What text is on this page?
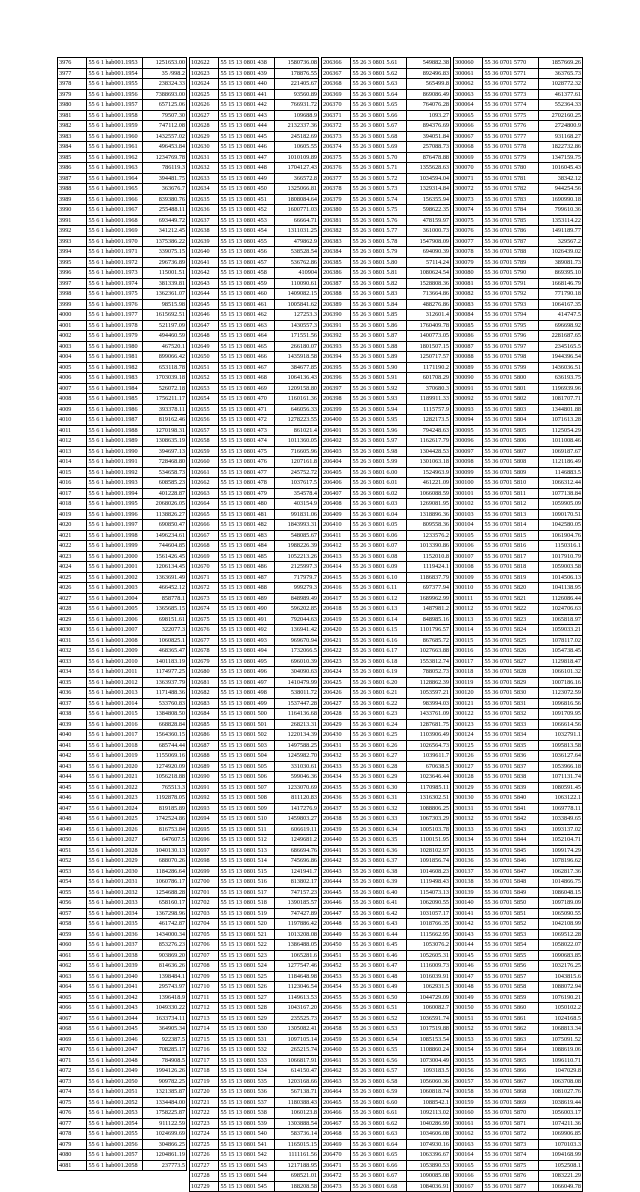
3976	55 6 1 hab001.1953	1251653.00
3977	55 6 1 hab001.1954	35 /998.2
3978	55 6 1 hab001.1955	238324.33
3979	55 6 1 hab001.1956	7388693.00
3980	55 6 1 hab001.1957	657125.06
3981	55 6 1 hab001.1958	79507.30
3982	55 6 1 hab001.1959	747112.08
3983	55 6 1 hab001.1960	1432557.02
3984	55 6 1 hab001.1961	496453.84
3985	55 6 1 hab001.1962	1234769.78
3986	55 6 1 hab001.1963	786119.3
3987	55 6 1 hab001.1964	394481.75
3988	55 6 1 hab001.1965	363676.7
3989	55 6 1 hab001.1966	839380.76
3990	55 6 1 hab001.1967	255488.11
3991	55 6 1 hab001.1968	693449.72
3992	55 6 1 hab001.1969	341212.45
3993	55 6 1 hab001.1970	1375386.22
3994	55 6 1 hab001.1971	339075.15
3995	55 6 1 hab001.1972	296736.89
3996	55 6 1 hab001.1973	115001.51
3997	55 6 1 hab001.1974	381339.81
3998	55 6 1 hab001.1975	1362361.07
3999	55 6 1 hab001.1976	98515.98
4000	55 6 1 hab001.1977	1615692.51
4001	55 6 1 hab001.1978	521197.09
4002	55 6 1 hab001.1979	494460.59
4003	55 6 1 hab001.1980	467520.1
4004	55 6 1 hab001.1981	899066.42
4005	55 6 1 hab001.1982	653118.78
4006	55 6 1 hab001.1983	1703039.18
4007	55 6 1 hab001.1984	526072.18
4008	55 6 1 hab001.1985	1756211.17
4009	55 6 1 hab001.1986	393378.11
4010	55 6 1 hab001.1987	819162.46
4011	55 6 1 hab001.1988	1270198.31
4012	55 6 1 hab001.1989	1308635.19
4013	55 6 1 hab001.1990	394697.13
4014	55 6 1 hab001.1991	728468.80
4015	55 6 1 hab001.1992	534658.73
4016	55 6 1 hab001.1993	608585.23
4017	55 6 1 hab001.1994	401228.87
4018	55 6 1 hab001.1995	2068026.05
4019	55 6 1 hab001.1996	1138826.27
4020	55 6 1 hab001.1997	690850.47
4021	55 6 1 hab001.1998	1496234.61
4022	55 6 1 hab001.1999	744604.85
4023	55 6 1 hab001.2000	1561426.45
4024	55 6 1 hab001.2001	1206134.45
4025	55 6 1 hab001.2002	1363691.49
4026	55 6 1 hab001.2003	466452.12
4027	55 6 1 hab001.2004	858778.1
4028	55 6 1 hab001.2005	1365685.15
4029	55 6 1 hab001.2006	698151.61
4030	55 6 1 hab001.2007	322077.3
4031	55 6 1 hab001.2008	1060825.1
4032	55 6 1 hab001.2009	468365.47
4033	55 6 1 hab001.2010	1401183.19
4034	55 6 1 hab001.2011	1174977.25
4035	55 6 1 hab001.2012	1363937.79
4036	55 6 1 hab001.2013	1171488.36
4037	55 6 1 hab001.2014	533760.83
4038	55 6 1 hab001.2015	1384808.50
4039	55 6 1 hab001.2016	668828.84
4040	55 6 1 hab001.2017	1564360.15
4041	55 6 1 hab001.2018	685744.44
4042	55 6 1 hab001.2019	1155069.16
4043	55 6 1 hab001.2020	1274920.09
4044	55 6 1 hab001.2021	1056218.88
4045	55 6 1 hab001.2022	765513.3
4046	55 6 1 hab001.2023	1192878.05
4047	55 6 1 hab001.2024	819185.89
4048	55 6 1 hab001.2025	1742524.86
4049	55 6 1 hab001.2026	816753.84
4050	55 6 1 hab001.2027	647607.5
4051	55 6 1 hab001.2028	1040130.13
4052	55 6 1 hab001.2029	688070.26
4053	55 6 1 hab001.2030	1184286.64
4054	55 6 1 hab001.2031	1060786.17
4055	55 6 1 hab001.2032	1254688.28
4056	55 6 1 hab001.2033	658160.17
4057	55 6 1 hab001.2034	1367298.96
4058	55 6 1 hab001.2035	461742.87
4059	55 6 1 hab001.2036	1434000.34
4060	55 6 1 hab001.2037	853276.23
4061	55 6 1 hab001.2038	903869.20
4062	55 6 1 hab001.2039	814636.26
4063	55 6 1 hab001.2040	1398484.1
4064	55 6 1 hab001.2041	295743.97
4065	55 6 1 hab001.2042	1396418.9
4066	55 6 1 hab001.2043	1049330.22
4067	55 6 1 hab001.2044	1633734.11
4068	55 6 1 hab001.2045	364905.34
4069	55 6 1 hab001.2046	922387.5
4070	55 6 1 hab001.2047	708285.17
4071	55 6 1 hab001.2048	784908.5
4072	55 6 1 hab001.2049	1994126.26
4073	55 6 1 hab001.2050	909782.25
4074	55 6 1 hab001.2051	1321385.87
4075	55 6 1 hab001.2052	1334484.00
4076	55 6 1 hab001.2053	1758225.87
4077	55 6 1 hab001.2054	911122.59
4078	55 6 1 hab001.2055	1024699.69
4079	55 6 1 hab001.2056	304866.25
4080	55 6 1 hab001.2057	1204861.19
4081	55 6 1 hab001.2058	237773.5
102622	55 15 13 0801 438	1580736.08
102623	55 15 13 0801 439	178876.55
102624	55 15 13 0801 440	221405.67
102625	55 15 13 0801 441	93560.89
102626	55 15 13 0801 442	766931.72
102627	55 15 13 0801 443	109688.9
102628	55 15 13 0801 444	2132337.36
102629	55 15 13 0801 445	245182.69
102630	55 15 13 0801 446	10605.55
102631	55 15 13 0801 447	1010109.89
102632	55 15 13 0801 448	1704127.43
102633	55 15 13 0801 449	366572.8
102634	55 15 13 0801 450	1325066.81
102635	55 15 13 0801 451	1808084.64
102636	55 15 13 0801 452	1600771.03
102637	55 15 13 0801 453	66664.71
102638	55 15 13 0801 454	1311031.25
102639	55 15 13 0801 455	479862.9
102640	55 15 13 0801 456	538528.54
102641	55 15 13 0801 457	536762.86
102642	55 15 13 0801 458	410904
102643	55 15 13 0801 459	110090.61
102644	55 15 13 0801 460	1409082.15
102645	55 15 13 0801 461	1005841.62
102646	55 15 13 0801 462	127253.3
102647	55 15 13 0801 463	1430557.3
102648	55 15 13 0801 464	171551.56
102649	55 15 13 0801 465	266180.07
102650	55 15 13 0801 466	1435918.58
102651	55 15 13 0801 467	384677.85
102652	55 15 13 0801 468	1064136.43
102653	55 15 13 0801 469	1209158.80
102654	55 15 13 0801 470	1160161.36
102655	55 15 13 0801 471	646056.33
102656	55 15 13 0801 472	1278223.55
102657	55 15 13 0801 473	861021.4
102658	55 15 13 0801 474	1011360.05
102659	55 15 13 0801 475	716605.96
102660	55 15 13 0801 476	1207161.8
102661	55 15 13 0801 477	245752.72
102662	55 15 13 0801 478	1037617.5
102663	55 15 13 0801 479	354578.4
102664	55 15 13 0801 480	403154.9
102665	55 15 13 0801 481	991831.06
102666	55 15 13 0801 482	1843993.31
102667	55 15 13 0801 483	548085.67
102668	55 15 13 0801 484	1988226.39
102669	55 15 13 0801 485	1052213.26
102670	55 15 13 0801 486	2125997.3
102671	55 15 13 0801 487	717979.7
102672	55 15 13 0801 488	999279.3
102673	55 15 13 0801 489	848989.49
102674	55 15 13 0801 490	596202.85
102675	55 15 13 0801 491	792044.63
102676	55 15 13 0801 492	136941.42
102677	55 15 13 0801 493	969670.94
102678	55 15 13 0801 494	1732066.5
102679	55 15 13 0801 495	696010.39
102680	55 15 13 0801 496	304090.63
102681	55 15 13 0801 497	1410479.99
102682	55 15 13 0801 498	538011.72
102683	55 15 13 0801 499	1537447.28
102684	55 15 13 0801 500	1164136.68
102685	55 15 13 0801 501	268213.31
102686	55 15 13 0801 502	1220134.39
102687	55 15 13 0801 503	1497588.25
102688	55 15 13 0801 504	1245982.70
102689	55 15 13 0801 505	331030.61
102690	55 15 13 0801 506	599046.36
102691	55 15 13 0801 507	1233070.69
102692	55 15 13 0801 508	811120.83
102693	55 15 13 0801 509	1417276.9
102694	55 15 13 0801 510	1459803.27
102695	55 15 13 0801 511	606619.11
102696	55 15 13 0801 512	1249681.2
102697	55 15 13 0801 513	686694.76
102698	55 15 13 0801 514	745696.86
102699	55 15 13 0801 515	1241941.7
102700	55 15 13 0801 516	813802.17
102701	55 15 13 0801 517	747157.23
102702	55 15 13 0801 518	1390185.57
102703	55 15 13 0801 519	747427.89
102704	55 15 13 0801 520	1197886.42
102705	55 15 13 0801 521	1013208.08
102706	55 15 13 0801 522	1386488.05
102707	55 15 13 0801 523	1065281.6
102708	55 15 13 0801 524	1277547.46
102709	55 15 13 0801 525	1184648.98
102710	55 15 13 0801 526	1123046.54
102711	55 15 13 0801 527	1149613.53
102712	55 15 13 0801 528	1043167.20
102713	55 15 13 0801 529	235525.73
102714	55 15 13 0801 530	1305082.41
102715	55 15 13 0801 531	1097105.14
102716	55 15 13 0801 532	265215.74
102717	55 15 13 0801 533	1066817.91
102718	55 15 13 0801 534	614150.47
102719	55 15 13 0801 535	1203168.66
102720	55 15 13 0801 536	567138.71
102721	55 15 13 0801 537	1180388.43
102722	55 15 13 0801 538	1060123.8
102723	55 15 13 0801 539	1303888.54
102724	55 15 13 0801 540	583736.14
102725	55 15 13 0801 541	1165015.15
102726	55 15 13 0801 542	1111161.56
102727	55 15 13 0801 543	1217188.95
102728	55 15 13 0801 544	698521.01
102729	55 15 13 0801 545	188208.58
206366	55 26 3 0801 5.61	549882.38
206367	55 26 3 0801 5.62	892496.83
206368	55 26 3 0801 5.63	565499.8
206369	55 26 3 0801 5.64	869086.49
206370	55 26 3 0801 5.65	764076.28
206371	55 26 3 0801 5.66	1093.27
206372	55 26 3 0801 5.67	894376.69
206373	55 26 3 0801 5.68	394051.84
206374	55 26 3 0801 5.69	257088.73
206375	55 26 3 0801 5.70	876478.88
206376	55 26 3 0801 5.71	1355628.63
206377	55 26 3 0801 5.72	1034594.04
206378	55 26 3 0801 5.73	1329314.84
206379	55 26 3 0801 5.74	156355.94
206380	55 26 3 0801 5.75	598622.35
206381	55 26 3 0801 5.76	478159.97
206382	55 26 3 0801 5.77	361000.73
206383	55 26 3 0801 5.78	1547908.09
206384	55 26 3 0801 5.79	694090.39
206385	55 26 3 0801 5.80	57114.24
206386	55 26 3 0801 5.81	1080624.54
206387	55 26 3 0801 5.82	1528808.36
206388	55 26 3 0801 5.83	713664.86
206389	55 26 3 0801 5.84	488276.86
206390	55 26 3 0801 5.85	312601.4
206391	55 26 3 0801 5.86	1760409.78
206392	55 26 3 0801 5.87	1400773.05
206393	55 26 3 0801 5.88	1801507.15
206394	55 26 3 0801 5.89	1250717.57
206395	55 26 3 0801 5.90	1171190.2
206396	55 26 3 0801 5.91	601708.29
206397	55 26 3 0801 5.92	370680.3
206398	55 26 3 0801 5.93	1189911.33
206399	55 26 3 0801 5.94	1115757.9
206400	55 26 3 0801 5.95	1282173.5
206401	55 26 3 0801 5.96	794248.63
206402	55 26 3 0801 5.97	1162617.79
206403	55 26 3 0801 5.98	1304428.53
206404	55 26 3 0801 5.99	1301063.18
206405	55 26 3 0801 6.00	1524963.9
206406	55 26 3 0801 6.01	461221.09
206407	55 26 3 0801 6.02	1066088.59
206408	55 26 3 0801 6.03	1269081.95
206409	55 26 3 0801 6.04	1318896.36
206410	55 26 3 0801 6.05	809558.36
206411	55 26 3 0801 6.06	1233576.2
206412	55 26 3 0801 6.07	1013390.86
206413	55 26 3 0801 6.08	1152010.8
206414	55 26 3 0801 6.09	1119424.1
206415	55 26 3 0801 6.10	1186837.79
206416	55 26 3 0801 6.11	697377.94
206417	55 26 3 0801 6.12	1689962.99
206418	55 26 3 0801 6.13	1487981.2
206419	55 26 3 0801 6.14	848985.16
206420	55 26 3 0801 6.15	1101796.57
206421	55 26 3 0801 6.16	867685.72
206422	55 26 3 0801 6.17	1027663.88
206423	55 26 3 0801 6.18	1553812.74
206424	55 26 3 0801 6.19	788052.73
206425	55 26 3 0801 6.20	1128862.39
206426	55 26 3 0801 6.21	1053597.21
206427	55 26 3 0801 6.22	983994.03
206428	55 26 3 0801 6.23	1433761.09
206429	55 26 3 0801 6.24	1287681.75
206430	55 26 3 0801 6.25	1103906.49
206431	55 26 3 0801 6.26	1026564.73
206432	55 26 3 0801 6.27	1039611.7
206433	55 26 3 0801 6.28	670638.5
206434	55 26 3 0801 6.29	1023646.44
206435	55 26 3 0801 6.30	1170985.11
206436	55 26 3 0801 6.31	1316302.51
206437	55 26 3 0801 6.32	1088806.25
206438	55 26 3 0801 6.33	1067303.29
206439	55 26 3 0801 6.34	1005103.78
206440	55 26 3 0801 6.35	1100151.95
206441	55 26 3 0801 6.36	1028102.97
206442	55 26 3 0801 6.37	1091856.74
206443	55 26 3 0801 6.38	1014608.23
206444	55 26 3 0801 6.39	1119498.43
206445	55 26 3 0801 6.40	1154073.13
206446	55 26 3 0801 6.41	1062090.55
206447	55 26 3 0801 6.42	1031057.17
206448	55 26 3 0801 6.43	1018766.35
206449	55 26 3 0801 6.44	1115662.95
206450	55 26 3 0801 6.45	1053076.2
206451	55 26 3 0801 6.46	1052605.31
206452	55 26 3 0801 6.47	1116009.73
206453	55 26 3 0801 6.48	1016039.91
206454	55 26 3 0801 6.49	1062931.5
206455	55 26 3 0801 6.50	1044729.09
206456	55 26 3 0801 6.51	1060082.7
206457	55 26 3 0801 6.52	1036591.74
206458	55 26 3 0801 6.53	1017519.88
206459	55 26 3 0801 6.54	1085153.54
206460	55 26 3 0801 6.55	1108860.24
206461	55 26 3 0801 6.56	1073004.49
206462	55 26 3 0801 6.57	1093183.5
206463	55 26 3 0801 6.58	1056060.36
206464	55 26 3 0801 6.59	1060818.74
206465	55 26 3 0801 6.60	1088542.1
206466	55 26 3 0801 6.61	1092113.02
206467	55 26 3 0801 6.62	1040286.99
206468	55 26 3 0801 6.63	1034606.08
206469	55 26 3 0801 6.64	1074930.16
206470	55 26 3 0801 6.65	1063396.67
206471	55 26 3 0801 6.66	1053890.53
206472	55 26 3 0801 6.67	1090085.08
206473	55 26 3 0801 6.68	1084036.91
300060	55 36 0701 5770	1857669.26
300061	55 36 0701 5771	363765.73
300062	55 36 0701 5772	1028772.32
300063	55 36 0701 5773	461377.61
300064	55 36 0701 5774	552364.33
300065	55 36 0701 5775	2702160.25
300066	55 36 0701 5776	2724800.9
300067	55 36 0701 5777	931168.27
300068	55 36 0701 5778	1822732.86
300069	55 36 0701 5779	1347159.75
300070	55 36 0701 5780	1016045.43
300071	55 36 0701 5781	38342.12
300072	55 36 0701 5782	944254.56
300073	55 36 0701 5783	1690990.18
300074	55 36 0701 5784	799610.36
300075	55 36 0701 5785	1353114.22
300076	55 36 0701 5786	1491189.77
300077	55 36 0701 5787	329567.2
300078	55 36 0701 5788	1026439.02
300079	55 36 0701 5789	389081.73
300080	55 36 0701 5790	869395.10
300081	55 36 0701 5791	1668146.79
300082	55 36 0701 5792	771790.18
300083	55 36 0701 5793	1064167.35
300084	55 36 0701 5794	414747.5
300085	55 36 0701 5795	696698.92
300086	55 36 0701 5796	2281687.65
300087	55 36 0701 5797	2345165.5
300088	55 36 0701 5798	1944396.54
300089	55 36 0701 5799	1436036.51
300090	55 36 0701 5800	636193.75
300091	55 36 0701 5801	1196939.96
300092	55 36 0701 5802	1081707.71
300093	55 36 0701 5803	1344801.88
300094	55 36 0701 5804	1071613.28
300095	55 36 0701 5805	1125054.29
300096	55 36 0701 5806	1011008.46
300097	55 36 0701 5807	1069187.67
300098	55 36 0701 5808	1121186.49
300099	55 36 0701 5809	1146883.5
300100	55 36 0701 5810	1066312.44
300101	55 36 0701 5811	1077138.84
300102	55 36 0701 5812	1059905.09
300103	55 36 0701 5813	1090170.51
300104	55 36 0701 5814	1042580.05
300105	55 36 0701 5815	1061904.76
300106	55 36 0701 5816	1150316.1
300107	55 36 0701 5817	1017910.79
300108	55 36 0701 5818	1059003.58
300109	55 36 0701 5819	1014506.13
300110	55 36 0701 5820	1041138.95
300111	55 36 0701 5821	1126086.44
300112	55 36 0701 5822	1024706.63
300113	55 36 0701 5823	1065818.97
300114	55 36 0701 5824	1059033.21
300115	55 36 0701 5825	1078117.02
300116	55 36 0701 5826	1054738.45
300117	55 36 0701 5827	1129818.47
300118	55 36 0701 5828	1066101.32
300119	55 36 0701 5829	1007186.16
300120	55 36 0701 5830	1123072.59
300121	55 36 0701 5831	1096816.56
300122	55 36 0701 5832	1091709.95
300123	55 36 0701 5833	1066614.56
300124	55 36 0701 5834	1032791.1
300125	55 36 0701 5835	1095813.58
300126	55 36 0701 5836	1036127.64
300127	55 36 0701 5837	1053966.18
300128	55 36 0701 5838	1071131.74
300129	55 36 0701 5839	1080591.45
300130	55 36 0701 5840	1063122.1
300131	55 36 0701 5841	1069778.11
300132	55 36 0701 5842	1033849.65
300133	55 36 0701 5843	1093137.02
300134	55 36 0701 5844	1052104.71
300135	55 36 0701 5845	1099174.29
300136	55 36 0701 5846	1078196.62
300137	55 36 0701 5847	1062817.36
300138	55 36 0701 5848	1014866.75
300139	55 36 0701 5849	1086048.15
300140	55 36 0701 5850	1097189.09
300141	55 36 0701 5851	1065090.55
300142	55 36 0701 5852	1042108.99
300143	55 36 0701 5853	1069512.28
300144	55 36 0701 5854	1058022.07
300145	55 36 0701 5855	1090683.85
300146	55 36 0701 5856	1032176.25
300147	55 36 0701 5857	1043815.6
300148	55 36 0701 5858	1088072.94
300149	55 36 0701 5859	1076190.21
300150	55 36 0701 5860	1050102.2
300151	55 36 0701 5861	1024168.5
300152	55 36 0701 5862	1068813.34
300153	55 36 0701 5863	1075091.52
300154	55 36 0701 5864	1088619.06
300155	55 36 0701 5865	1096110.71
300156	55 36 0701 5866	1047029.8
300157	55 36 0701 5867	1063708.08
300158	55 36 0701 5868	1081027.76
300159	55 36 0701 5869	1038619.44
300160	55 36 0701 5870	1056003.17
300161	55 36 0701 5871	1074211.36
300162	55 36 0701 5872	1069906.85
300163	55 36 0701 5873	1070103.3
300164	55 36 0701 5874	1094168.99
300165	55 36 0701 5875	1052508.1
300166	55 36 0701 5876	1083221.29
300167	55 36 0701 5877	1066049.78
